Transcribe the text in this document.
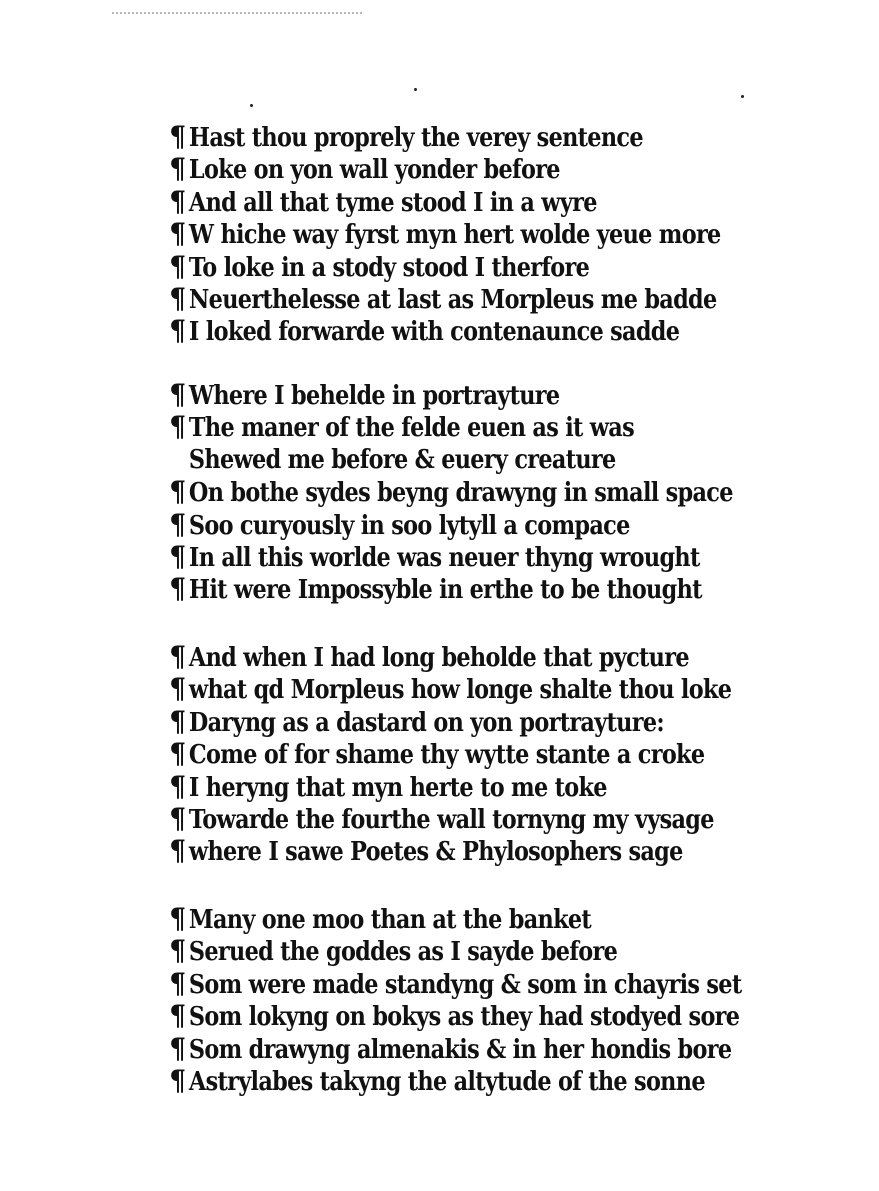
¶ Hast thou proprely the verey sentence
¶ Loke on yon wall yonder before
¶ And all that tyme stood I in a wyre
¶ W hiche way fyrst myn hert wolde yeue more
¶ To loke in a stody stood I therfore
¶ Neuerthelesse at last as Morpleus me badde
¶ I loked forwarde with contenaunce sadde
¶ Where I behelde in portrayture
¶ The maner of the felde euen as it was
Shewed me before & euery creature
¶ On bothe sydes beyng drawyng in small space
¶ Soo curyously in soo lytyll a compace
¶ In all this worlde was neuer thyng wrought
¶ Hit were Impossyble in erthe to be thought
¶ And when I had long beholde that pycture
¶ what qd Morpleus how longe shalte thou loke
¶ Daryng as a dastard on yon portrayture:
¶ Come of for shame thy wytte stante a croke
¶ I heryng that myn herte to me toke
¶ Towarde the fourthe wall tornyng my vysage
¶ where I sawe Poetes & Phylosophers sage
¶ Many one moo than at the banket
¶ Serued the goddes as I sayde before
¶ Som were made standyng & som in chayris set
¶ Som lokyng on bokys as they had stodyed sore
¶ Som drawyng almenakis & in her hondis bore
¶ Astrylabes takyng the altytude of the sonne
